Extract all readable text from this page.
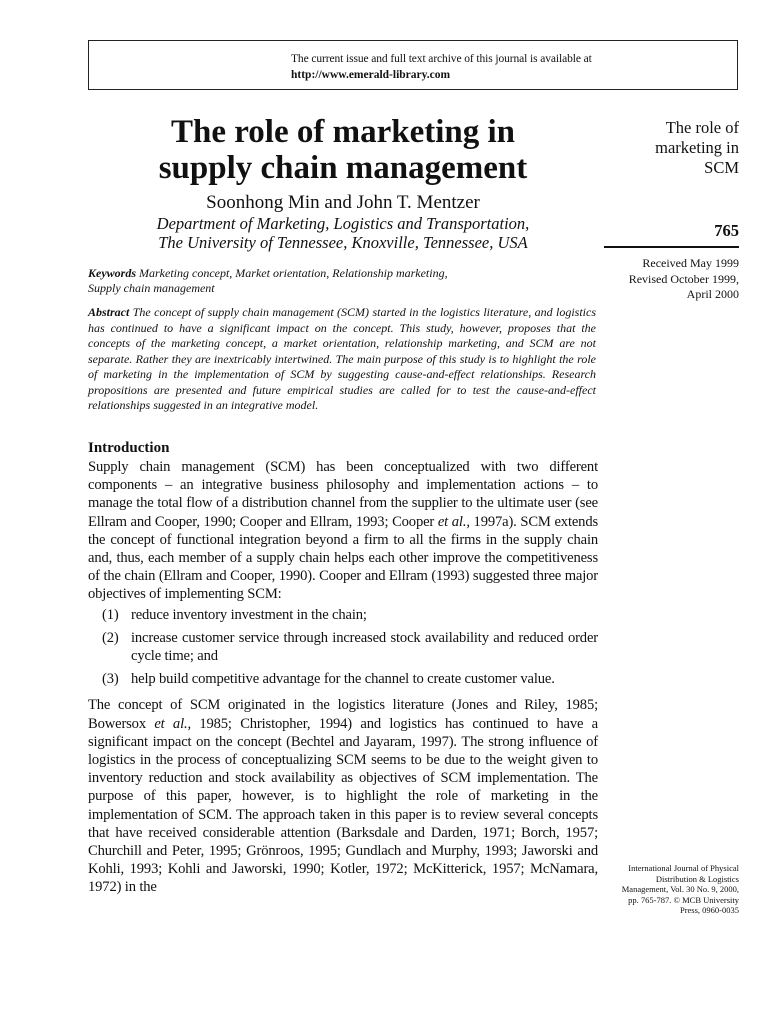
The current issue and full text archive of this journal is available at
http://www.emerald-library.com
The role of marketing in
supply chain management
Soonhong Min and John T. Mentzer
Department of Marketing, Logistics and Transportation,
The University of Tennessee, Knoxville, Tennessee, USA
Keywords Marketing concept, Market orientation, Relationship marketing,
Supply chain management
Abstract The concept of supply chain management (SCM) started in the logistics literature, and logistics has continued to have a significant impact on the concept. This study, however, proposes that the concepts of the marketing concept, a market orientation, relationship marketing, and SCM are not separate. Rather they are inextricably intertwined. The main purpose of this study is to highlight the role of marketing in the implementation of SCM by suggesting cause-and-effect relationships. Research propositions are presented and future empirical studies are called for to test the cause-and-effect relationships suggested in an integrative model.
Introduction

Supply chain management (SCM) has been conceptualized with two different components – an integrative business philosophy and implementation actions – to manage the total flow of a distribution channel from the supplier to the ultimate user (see Ellram and Cooper, 1990; Cooper and Ellram, 1993; Cooper et al., 1997a). SCM extends the concept of functional integration beyond a firm to all the firms in the supply chain and, thus, each member of a supply chain helps each other improve the competitiveness of the chain (Ellram and Cooper, 1990). Cooper and Ellram (1993) suggested three major objectives of implementing SCM:

(1) reduce inventory investment in the chain;
(2) increase customer service through increased stock availability and reduced order cycle time; and
(3) help build competitive advantage for the channel to create customer value.

The concept of SCM originated in the logistics literature (Jones and Riley, 1985; Bowersox et al., 1985; Christopher, 1994) and logistics has continued to have a significant impact on the concept (Bechtel and Jayaram, 1997). The strong influence of logistics in the process of conceptualizing SCM seems to be due to the weight given to inventory reduction and stock availability as objectives of SCM implementation. The purpose of this paper, however, is to highlight the role of marketing in the implementation of SCM. The approach taken in this paper is to review several concepts that have received considerable attention (Barksdale and Darden, 1971; Borch, 1957; Churchill and Peter, 1995; Grönroos, 1995; Gundlach and Murphy, 1993; Jaworski and Kohli, 1993; Kohli and Jaworski, 1990; Kotler, 1972; McKitterick, 1957; McNamara, 1972) in the

The role of
marketing in
SCM
765
Received May 1999
Revised October 1999,
April 2000
International Journal of Physical
Distribution & Logistics
Management, Vol. 30 No. 9, 2000,
pp. 765-787. © MCB University
Press, 0960-0035
